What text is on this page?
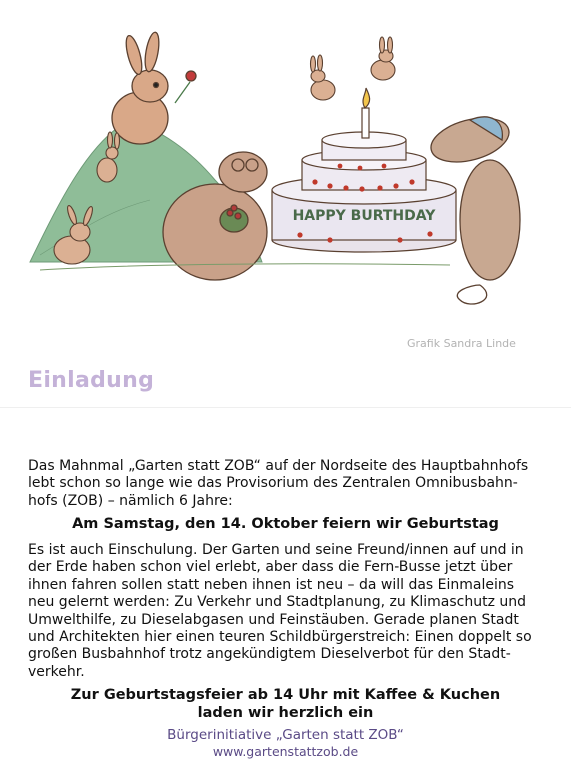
HAPPY BURTHDAY
Grafik Sandra Linde
Einladung
Das Mahnmal „Garten statt ZOB“ auf der Nordseite des Hauptbahnhofs lebt schon so lange wie das Provisorium des Zentralen Omnibusbahn-hofs (ZOB) – nämlich 6 Jahre:
Am Samstag, den 14. Oktober feiern wir Geburtstag
Es ist auch Einschulung. Der Garten und seine Freund/innen auf und in der Erde haben schon viel erlebt, aber dass die Fern-Busse jetzt über ihnen fahren sollen statt neben ihnen ist neu – da will das Einmaleins neu gelernt werden: Zu Verkehr und Stadtplanung, zu Klimaschutz und Umwelthilfe, zu Dieselabgasen und Feinstäuben. Gerade planen Stadt und Architekten hier einen teuren Schildbürgerstreich: Einen doppelt so großen Busbahnhof trotz angekündigtem Dieselverbot für den Stadt-verkehr.
Zur Geburtstagsfeier ab 14 Uhr mit Kaffee & Kuchen
laden wir herzlich ein
Bürgerinitiative „Garten statt ZOB“
www.gartenstattzob.de
